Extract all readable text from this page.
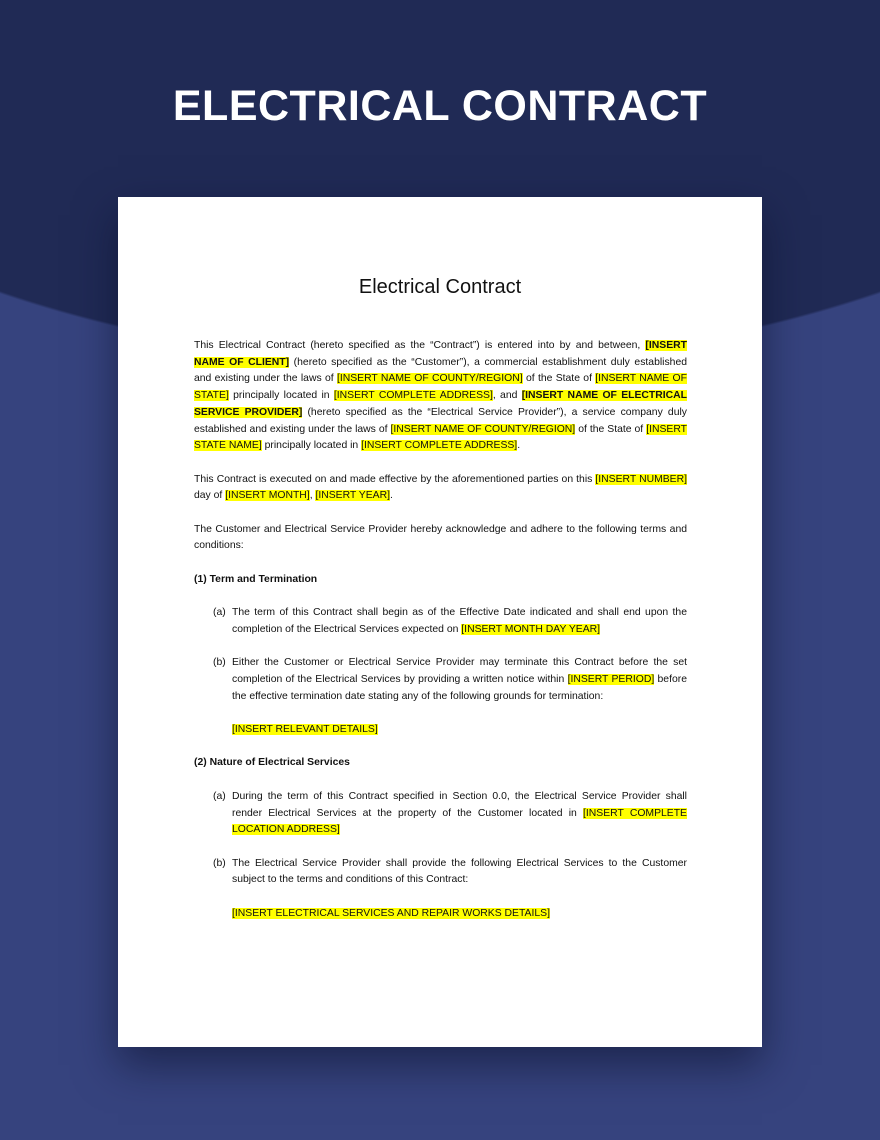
ELECTRICAL CONTRACT
Electrical Contract
This Electrical Contract (hereto specified as the “Contract”) is entered into by and between, [INSERT NAME OF CLIENT] (hereto specified as the “Customer”), a commercial establishment duly established and existing under the laws of [INSERT NAME OF COUNTY/REGION] of the State of [INSERT NAME OF STATE] principally located in [INSERT COMPLETE ADDRESS], and [INSERT NAME OF ELECTRICAL SERVICE PROVIDER] (hereto specified as the “Electrical Service Provider”), a service company duly established and existing under the laws of [INSERT NAME OF COUNTY/REGION] of the State of [INSERT STATE NAME] principally located in [INSERT COMPLETE ADDRESS].
This Contract is executed on and made effective by the aforementioned parties on this [INSERT NUMBER] day of [INSERT MONTH], [INSERT YEAR].
The Customer and Electrical Service Provider hereby acknowledge and adhere to the following terms and conditions:
(1) Term and Termination
(a) The term of this Contract shall begin as of the Effective Date indicated and shall end upon the completion of the Electrical Services expected on [INSERT MONTH DAY YEAR]
(b) Either the Customer or Electrical Service Provider may terminate this Contract before the set completion of the Electrical Services by providing a written notice within [INSERT PERIOD] before the effective termination date stating any of the following grounds for termination:
[INSERT RELEVANT DETAILS]
(2) Nature of Electrical Services
(a) During the term of this Contract specified in Section 0.0, the Electrical Service Provider shall render Electrical Services at the property of the Customer located in [INSERT COMPLETE LOCATION ADDRESS]
(b) The Electrical Service Provider shall provide the following Electrical Services to the Customer subject to the terms and conditions of this Contract:
[INSERT ELECTRICAL SERVICES AND REPAIR WORKS DETAILS]
